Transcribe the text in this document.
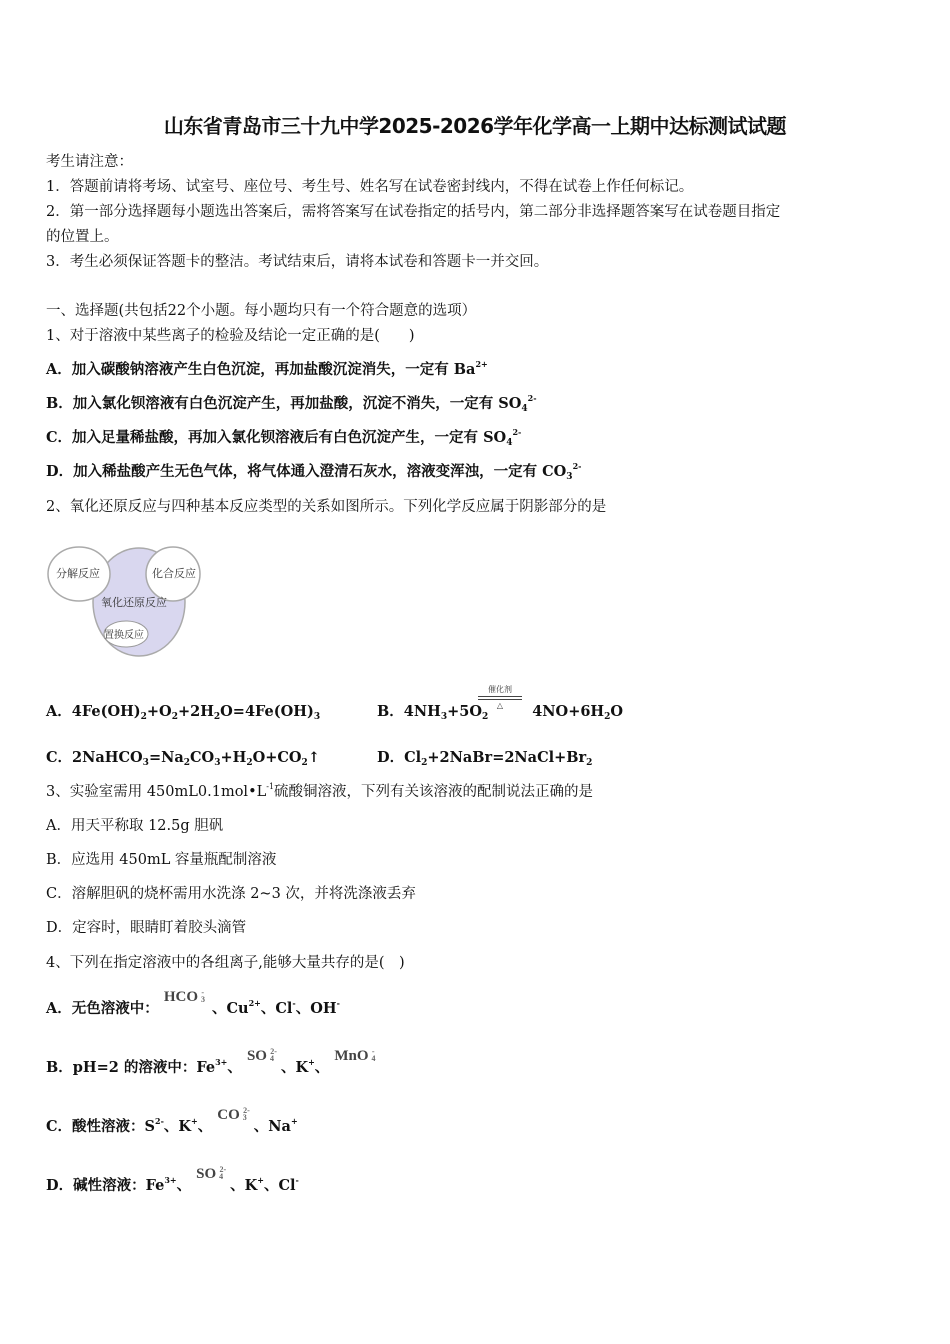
山东省青岛市三十九中学2025-2026学年化学高一上期中达标测试试题
考生请注意：
1．答题前请将考场、试室号、座位号、考生号、姓名写在试卷密封线内，不得在试卷上作任何标记。
2．第一部分选择题每小题选出答案后，需将答案写在试卷指定的括号内，第二部分非选择题答案写在试卷题目指定
的位置上。
3．考生必须保证答题卡的整洁。考试结束后，请将本试卷和答题卡一并交回。
一、选择题(共包括22个小题。每小题均只有一个符合题意的选项）
1、对于溶液中某些离子的检验及结论一定正确的是(　　)
A．加入碳酸钠溶液产生白色沉淀，再加盐酸沉淀消失，一定有 $Ba^{2+}$
B．加入氯化钡溶液有白色沉淀产生，再加盐酸，沉淀不消失，一定有 $SO_4^{2-}$
C．加入足量稀盐酸，再加入氯化钡溶液后有白色沉淀产生，一定有 $SO_4^{2-}$
D．加入稀盐酸产生无色气体，将气体通入澄清石灰水，溶液变浑浊，一定有 $CO_3^{2-}$
2、氧化还原反应与四种基本反应类型的关系如图所示。下列化学反应属于阴影部分的是
分解反应	化合反应
氧化还原反应
置换反应
A．$4Fe(OH)_2+O_2+2H_2O=4Fe(OH)_3$	B．$4NH_3+5O_2$	$4NO+6H_2O$
催化剂
△
C．$2NaHCO_3=Na_2CO_3+H_2O+CO_2↑$	D．$Cl_2+2NaBr=2NaCl+Br_2$
3、实验室需用 $450mL0.1mol•L^{-1}$硫酸铜溶液，下列有关该溶液的配制说法正确的是
A．用天平称取 12.5g 胆矾
B．应选用 450mL 容量瓶配制溶液
C．溶解胆矾的烧杯需用水洗涤 2~3 次，并将洗涤液丢弃
D．定容时，眼睛盯着胶头滴管
4、下列在指定溶液中的各组离子,能够大量共存的是(　)
A．无色溶液中： HCO -
3
、$Cu^{2+}$、Cl-、OH-
B．pH=2 的溶液中：$Fe^{3+}$、 SO 2-
4
、K+、 MnO -
4
C．酸性溶液：$S^{2-}$、K+、 CO 2-
3
、Na+
D．碱性溶液：$Fe^{3+}$、 SO 2-
4
、K+、Cl-
